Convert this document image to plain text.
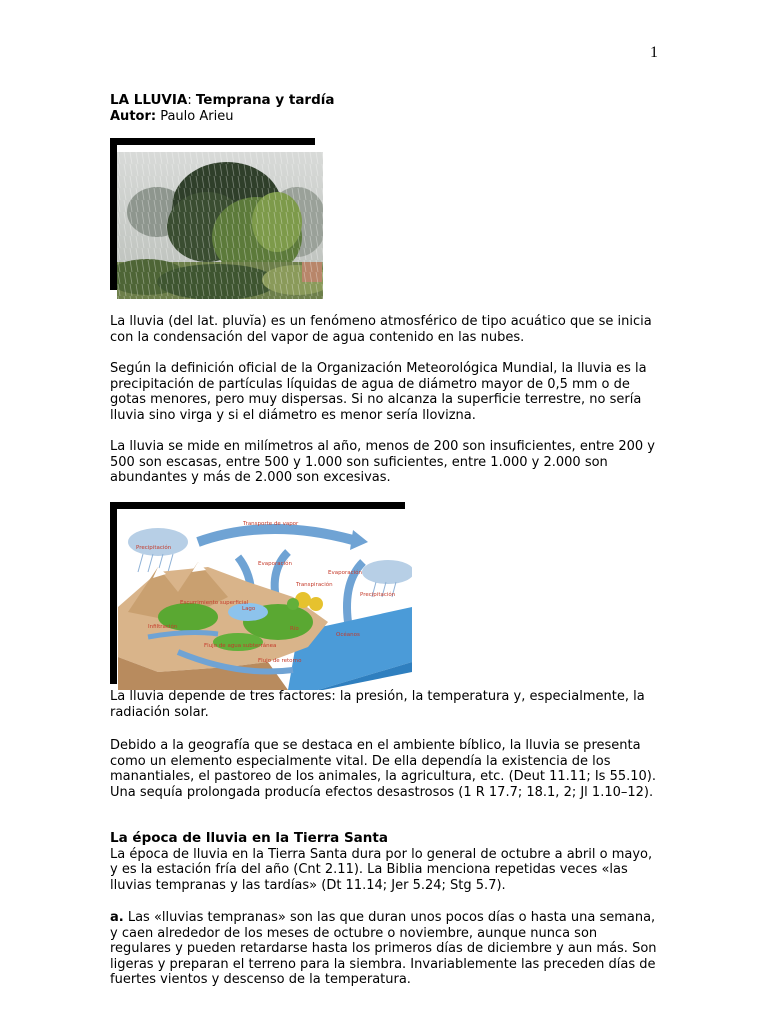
1
LA LLUVIA: Temprana y tardía
Autor: Paulo Arieu

La lluvia (del lat. pluvĭa) es un fenómeno atmosférico de tipo acuático que se inicia con la condensación del vapor de agua contenido en las nubes.

Según la definición oficial de la Organización Meteorológica Mundial, la lluvia es la precipitación de partículas líquidas de agua de diámetro mayor de 0,5 mm o de gotas menores, pero muy dispersas. Si no alcanza la superficie terrestre, no sería lluvia sino virga y si el diámetro es menor sería llovizna.

La lluvia se mide en milímetros al año, menos de 200 son insuficientes, entre 200 y 500 son escasas, entre 500 y 1.000 son suficientes, entre 1.000 y 2.000 son abundantes y más de 2.000 son excesivas.

Transporte de vapor
Precipitación
Evaporación
Evaporación
Transpiración
Precipitación
Escurrimiento superficial
Lago
Infiltración	Río
Océanos
Flujo de agua subterránea
Flujo de retorno

La lluvia depende de tres factores: la presión, la temperatura y, especialmente, la radiación solar.

Debido a la geografía que se destaca en el ambiente bíblico, la lluvia se presenta como un elemento especialmente vital. De ella dependía la existencia de los manantiales, el pastoreo de los animales, la agricultura, etc. (Deut 11.11; Is 55.10). Una sequía prolongada producía efectos desastrosos (1 R 17.7; 18.1, 2; Jl 1.10–12).

La época de lluvia en la Tierra Santa

La época de lluvia en la Tierra Santa dura por lo general de octubre a abril o mayo, y es la estación fría del año (Cnt 2.11). La Biblia menciona repetidas veces «las lluvias tempranas y las tardías» (Dt 11.14; Jer 5.24; Stg 5.7).

a. Las «lluvias tempranas» son las que duran unos pocos días o hasta una semana, y caen alrededor de los meses de octubre o noviembre, aunque nunca son regulares y pueden retardarse hasta los primeros días de diciembre y aun más. Son ligeras y preparan el terreno para la siembra. Invariablemente las preceden días de fuertes vientos y descenso de la temperatura.
